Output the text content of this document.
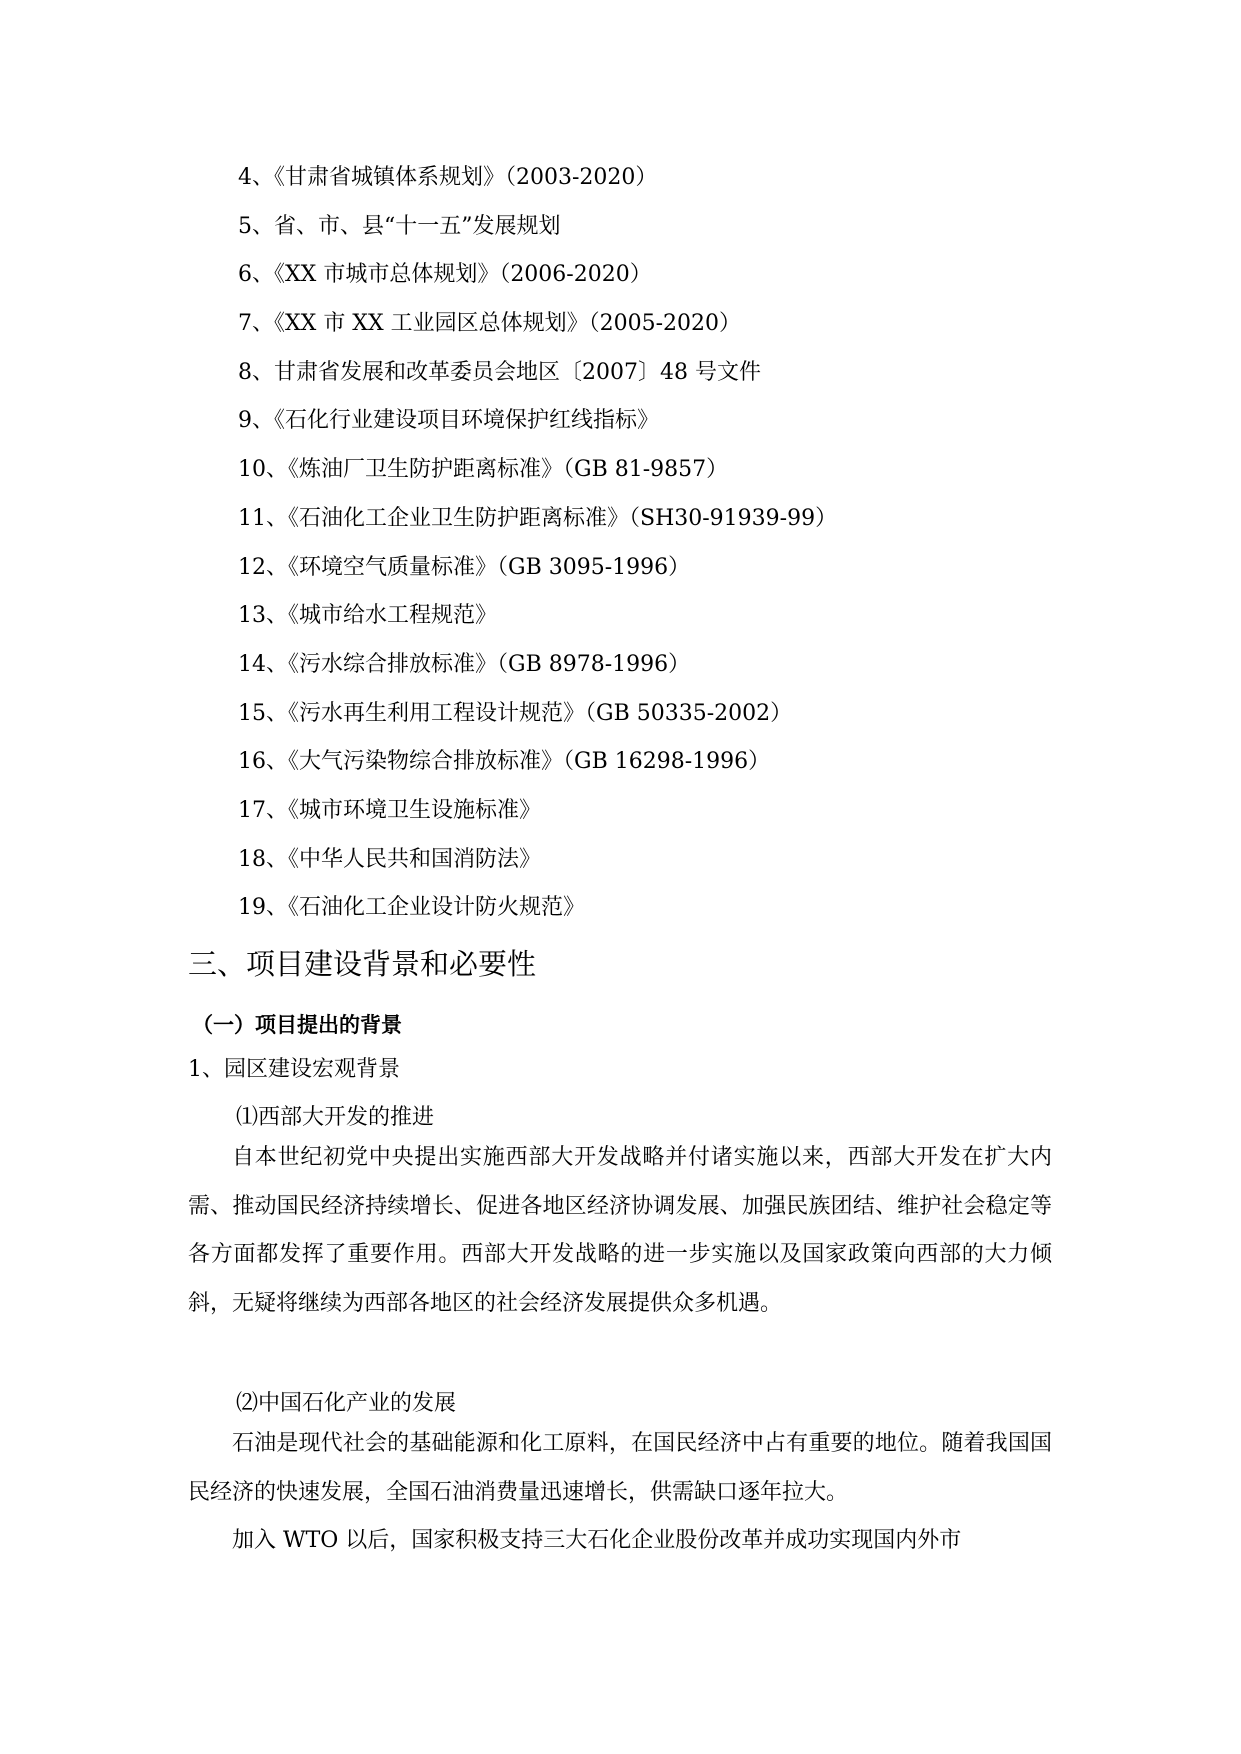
4、《甘肃省城镇体系规划》（2003-2020）
5、省、市、县“十一五”发展规划
6、《XX 市城市总体规划》（2006-2020）
7、《XX 市 XX 工业园区总体规划》（2005-2020）
8、甘肃省发展和改革委员会地区〔2007〕48 号文件
9、《石化行业建设项目环境保护红线指标》
10、《炼油厂卫生防护距离标准》（GB 81-9857）
11、《石油化工企业卫生防护距离标准》（SH30-91939-99）
12、《环境空气质量标准》（GB 3095-1996）
13、《城市给水工程规范》
14、《污水综合排放标准》（GB 8978-1996）
15、《污水再生利用工程设计规范》（GB 50335-2002）
16、《大气污染物综合排放标准》（GB 16298-1996）
17、《城市环境卫生设施标准》
18、《中华人民共和国消防法》
19、《石油化工企业设计防火规范》
三、项目建设背景和必要性
（一）项目提出的背景
1、园区建设宏观背景
⑴西部大开发的推进

自本世纪初党中央提出实施西部大开发战略并付诸实施以来，西部大开发在扩大内需、推动国民经济持续增长、促进各地区经济协调发展、加强民族团结、维护社会稳定等各方面都发挥了重要作用。西部大开发战略的进一步实施以及国家政策向西部的大力倾斜，无疑将继续为西部各地区的社会经济发展提供众多机遇。

⑵中国石化产业的发展

石油是现代社会的基础能源和化工原料，在国民经济中占有重要的地位。随着我国国民经济的快速发展，全国石油消费量迅速增长，供需缺口逐年拉大。

加入 WTO 以后，国家积极支持三大石化企业股份改革并成功实现国内外市
